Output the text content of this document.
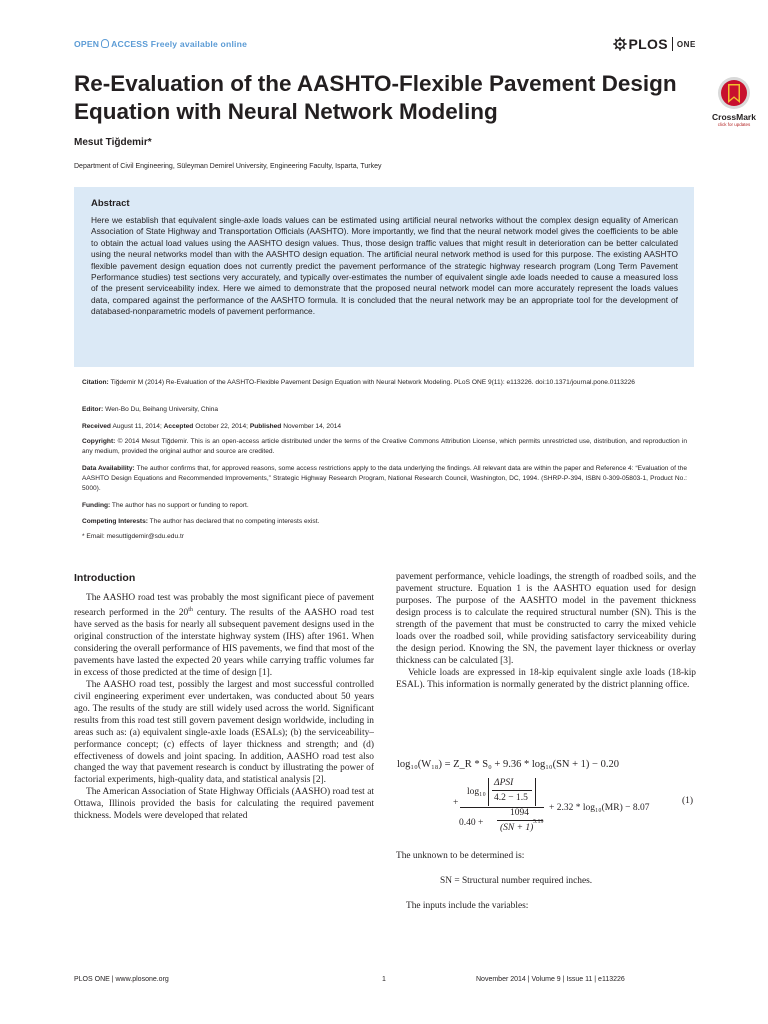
OPEN ACCESS Freely available online	PLOS ONE
Re-Evaluation of the AASHTO-Flexible Pavement Design
Equation with Neural Network Modeling	CrossMark
click for updates
Mesut Tiğdemir*
Department of Civil Engineering, Süleyman Demirel University, Engineering Faculty, Isparta, Turkey
Abstract
Here we establish that equivalent single-axle loads values can be estimated using artificial neural networks without the complex design equality of American Association of State Highway and Transportation Officials (AASHTO). More importantly, we find that the neural network model gives the coefficients to be able to obtain the actual load values using the AASHTO design values. Thus, those design traffic values that might result in deterioration can be better calculated using the neural networks model than with the AASHTO design equation. The artificial neural network method is used for this purpose. The existing AASHTO flexible pavement design equation does not currently predict the pavement performance of the strategic highway research program (Long Term Pavement Performance studies) test sections very accurately, and typically over-estimates the number of equivalent single axle loads needed to cause a measured loss of the present serviceability index. Here we aimed to demonstrate that the proposed neural network model can more accurately represent the loads values data, compared against the performance of the AASHTO formula. It is concluded that the neural network may be an appropriate tool for the development of databased-nonparametric models of pavement performance.
Citation: Tiğdemir M (2014) Re-Evaluation of the AASHTO-Flexible Pavement Design Equation with Neural Network Modeling. PLoS ONE 9(11): e113226. doi:10.1371/journal.pone.0113226
Editor: Wen-Bo Du, Beihang University, China
Received August 11, 2014; Accepted October 22, 2014; Published November 14, 2014
Copyright: © 2014 Mesut Tiğdemir. This is an open-access article distributed under the terms of the Creative Commons Attribution License, which permits unrestricted use, distribution, and reproduction in any medium, provided the original author and source are credited.
Data Availability: The author confirms that, for approved reasons, some access restrictions apply to the data underlying the findings. All relevant data are within the paper and Reference 4: “Evaluation of the AASHTO Design Equations and Recommended Improvements,” Strategic Highway Research Program, National Research Council, Washington, DC, 1994. (SHRP-P-394, ISBN 0-309-05803-1, Product No.: 5000).
Funding: The author has no support or funding to report.
Competing Interests: The author has declared that no competing interests exist.
* Email: mesuttigdemir@sdu.edu.tr
Introduction

The AASHO road test was probably the most significant piece of pavement research performed in the 20th century. The results of the AASHO road test have served as the basis for nearly all subsequent pavement designs used in the original construction of the interstate highway system (IHS) after 1961. When considering the overall performance of HIS pavements, we find that most of the pavements have lasted the expected 20 years while carrying traffic volumes far in excess of those predicted at the time of design [1].

The AASHO road test, possibly the largest and most successful controlled civil engineering experiment ever undertaken, was conducted about 50 years ago. The results of the study are still widely used across the world. Significant results from this road test still govern pavement design worldwide, including in areas such as: (a) equivalent single-axle loads (ESALs); (b) the serviceability–performance concept; (c) effects of layer thickness and strength; and (d) effectiveness of dowels and joint spacing. In addition, AASHO road test also changed the way that pavement research is conduct by illustrating the power of factorial experiments, high-quality data, and statistical analysis [2].

The American Association of State Highway Officials (AASHO) road test at Ottawa, Illinois provided the basis for calculating the required pavement thickness. Models were developed that related

pavement performance, vehicle loadings, the strength of roadbed soils, and the pavement structure. Equation 1 is the AASHTO equation used for design purposes. The purpose of the AASHTO model in the pavement thickness design process is to calculate the required structural number (SN). This is the strength of the pavement that must be constructed to carry the mixed vehicle loads over the roadbed soil, while providing satisfactory serviceability during the design period. Knowing the SN, the pavement layer thickness or overlay thickness can be calculated [3].

Vehicle loads are expressed in 18-kip equivalent single axle loads (18-kip ESAL). This information is normally generated by the district planning office.

log₁₀(W₁₈) = Z_R * S₀ + 9.36 * log₁₀(SN + 1) − 0.20
log₁₀
ΔPSI
4.2 − 1.5
+
0.40 +
1094
(SN + 1)
5.19
+ 2.32 * log₁₀(MR) − 8.07
(1)
The unknown to be determined is:
SN = Structural number required inches.
The inputs include the variables:
PLOS ONE | www.plosone.org	1	November 2014 | Volume 9 | Issue 11 | e113226
